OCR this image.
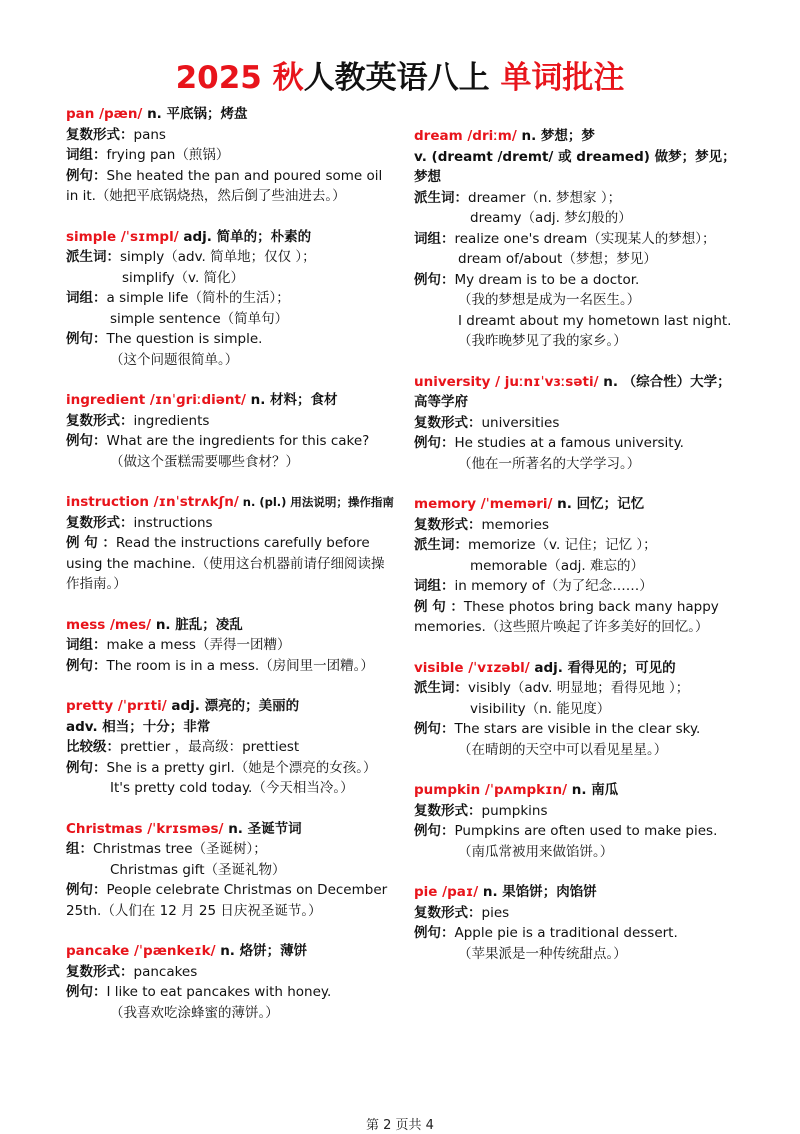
2025 秋人教英语八上 单词批注
pan /pæn/ n. 平底锅；烤盘
复数形式：pans
词组：frying pan（煎锅）
例句：She heated the pan and poured some oil in it.（她把平底锅烧热，然后倒了些油进去。）
simple /ˈsɪmpl/ adj. 简单的；朴素的
派生词：simply（adv. 简单地；仅仅 ）；
simplify（v. 简化）
词组：a simple life（简朴的生活）；
simple sentence（简单句）
例句：The question is simple.
（这个问题很简单。）
ingredient /ɪnˈɡriːdiənt/ n. 材料；食材
复数形式：ingredients
例句：What are the ingredients for this cake?
（做这个蛋糕需要哪些食材？）
instruction /ɪnˈstrʌkʃn/ n. (pl.) 用法说明；操作指南
复数形式：instructions
例 句 ：Read the instructions carefully before using the machine.（使用这台机器前请仔细阅读操作指南。）
mess /mes/ n. 脏乱；凌乱
词组：make a mess（弄得一团糟）
例句：The room is in a mess.（房间里一团糟。）
pretty /ˈprɪti/ adj. 漂亮的；美丽的
adv. 相当；十分；非常
比较级：prettier ，最高级：prettiest
例句：She is a pretty girl.（她是个漂亮的女孩。）
It's pretty cold today.（今天相当冷。）
Christmas /ˈkrɪsməs/ n. 圣诞节词
组：Christmas tree（圣诞树）；
Christmas gift（圣诞礼物）
例句：People celebrate Christmas on December 25th.（人们在 12 月 25 日庆祝圣诞节。）
pancake /ˈpænkeɪk/ n. 烙饼；薄饼
复数形式：pancakes
例句：I like to eat pancakes with honey.
（我喜欢吃涂蜂蜜的薄饼。）
dream /driːm/ n. 梦想；梦
v. (dreamt /dremt/ 或 dreamed) 做梦；梦见；梦想
派生词：dreamer（n. 梦想家 ）；
dreamy（adj. 梦幻般的）
词组：realize one's dream（实现某人的梦想）；
dream of/about（梦想；梦见）
例句：My dream is to be a doctor.
（我的梦想是成为一名医生。）
I dreamt about my hometown last night.
（我昨晚梦见了我的家乡。）
university / juːnɪˈvɜːsəti/ n. （综合性）大学；高等学府
复数形式：universities
例句：He studies at a famous university.
（他在一所著名的大学学习。）
memory /ˈmeməri/ n. 回忆；记忆
复数形式：memories
派生词：memorize（v. 记住；记忆 ）；
memorable（adj. 难忘的）
词组：in memory of（为了纪念……）
例 句 ：These photos bring back many happy memories.（这些照片唤起了许多美好的回忆。）
visible /ˈvɪzəbl/ adj. 看得见的；可见的
派生词：visibly（adv. 明显地；看得见地 ）；
visibility（n. 能见度）
例句：The stars are visible in the clear sky.
（在晴朗的天空中可以看见星星。）
pumpkin /ˈpʌmpkɪn/ n. 南瓜
复数形式：pumpkins
例句：Pumpkins are often used to make pies.
（南瓜常被用来做馅饼。）
pie /paɪ/ n. 果馅饼；肉馅饼
复数形式：pies
例句：Apple pie is a traditional dessert.
（苹果派是一种传统甜点。）
第 2 页共 4
